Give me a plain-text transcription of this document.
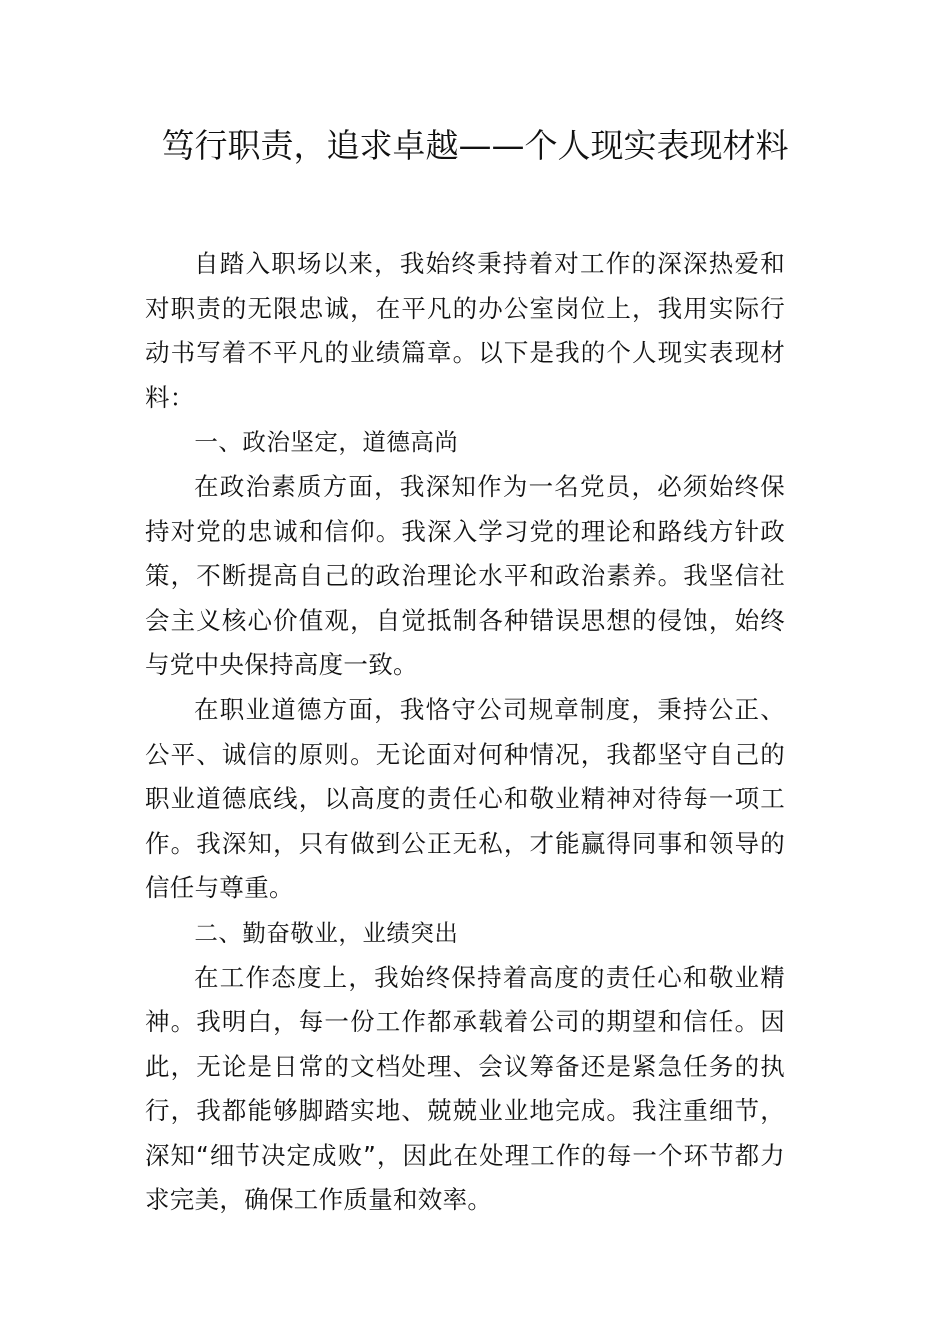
笃行职责，追求卓越——个人现实表现材料

自踏入职场以来，我始终秉持着对工作的深深热爱和对职责的无限忠诚，在平凡的办公室岗位上，我用实际行动书写着不平凡的业绩篇章。以下是我的个人现实表现材料：

一、政治坚定，道德高尚

在政治素质方面，我深知作为一名党员，必须始终保持对党的忠诚和信仰。我深入学习党的理论和路线方针政策，不断提高自己的政治理论水平和政治素养。我坚信社会主义核心价值观，自觉抵制各种错误思想的侵蚀，始终与党中央保持高度一致。

在职业道德方面，我恪守公司规章制度，秉持公正、公平、诚信的原则。无论面对何种情况，我都坚守自己的职业道德底线，以高度的责任心和敬业精神对待每一项工作。我深知，只有做到公正无私，才能赢得同事和领导的信任与尊重。

二、勤奋敬业，业绩突出

在工作态度上，我始终保持着高度的责任心和敬业精神。我明白，每一份工作都承载着公司的期望和信任。因此，无论是日常的文档处理、会议筹备还是紧急任务的执行，我都能够脚踏实地、兢兢业业地完成。我注重细节，深知“细节决定成败”，因此在处理工作的每一个环节都力求完美，确保工作质量和效率。
